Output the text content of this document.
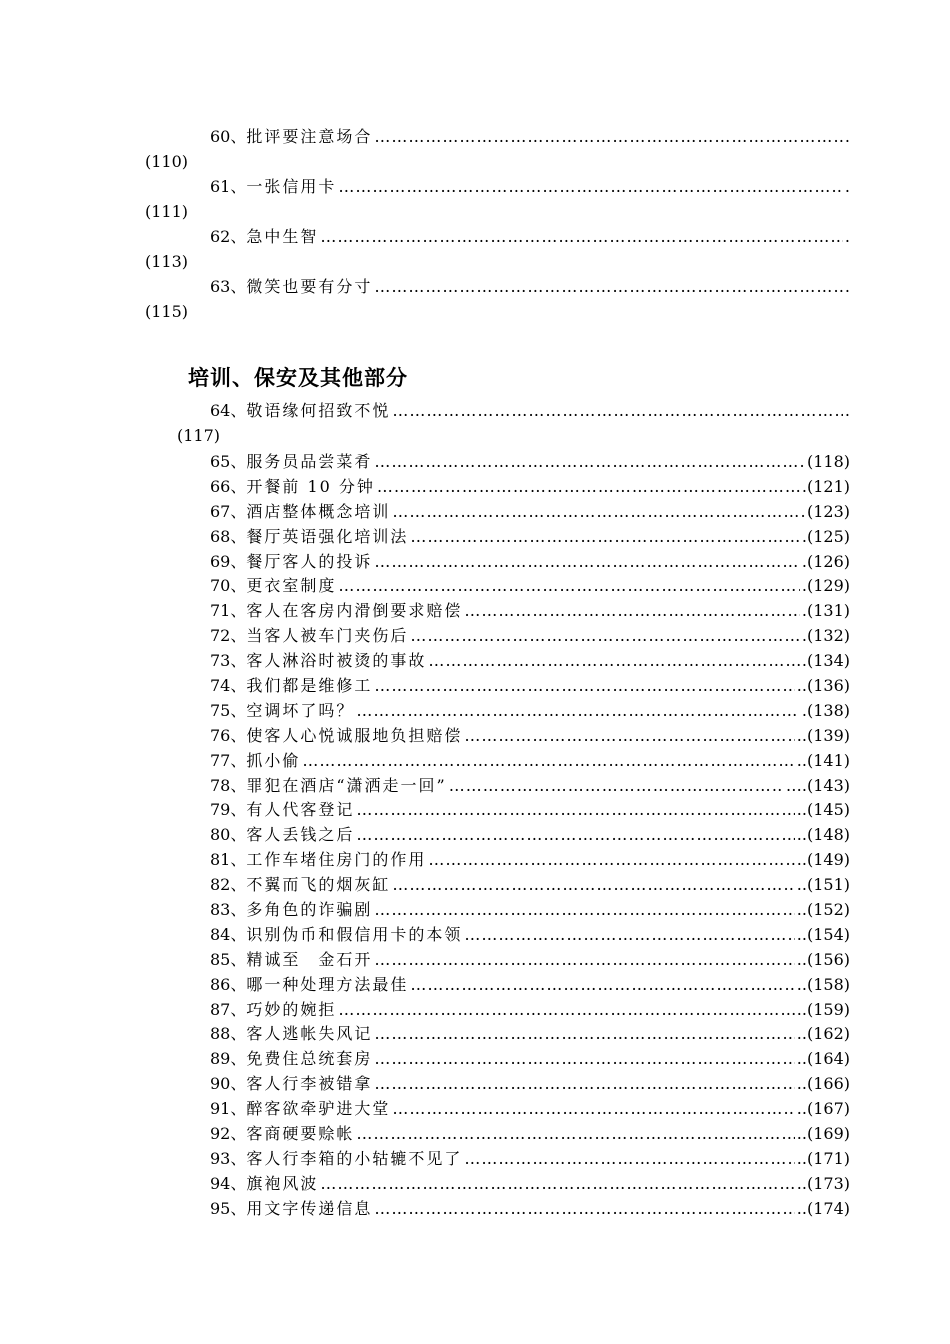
60、 批评要注意场合 …………………………………………………………………………………………………………………………………………	.
(110)
61、 一张信用卡 …………………………………………………………………………………………………………………………………………	.
(111)
62、 急中生智 …………………………………………………………………………………………………………………………………………	.
(113)
63、 微笑也要有分寸 …………………………………………………………………………………………………………………………………………	.
(115)
培训、保安及其他部分
64、 敬语缘何招致不悦 …………………………………………………………………………………………………………………………………………	.
(117)
65、 服务员品尝菜肴 …………………………………………………………………………………………………………………………………………	(118)
66、 开餐前 10 分钟 …………………………………………………………………………………………………………………………………………	.(121)
67、 酒店整体概念培训 …………………………………………………………………………………………………………………………………………	(123)
68、 餐厅英语强化培训法 …………………………………………………………………………………………………………………………………………	.(125)
69、 餐厅客人的投诉 …………………………………………………………………………………………………………………………………………	.(126)
70、 更衣室制度 …………………………………………………………………………………………………………………………………………	.(129)
71、 客人在客房内滑倒要求赔偿 …………………………………………………………………………………………………………………………………………	.(131)
72、 当客人被车门夹伤后 …………………………………………………………………………………………………………………………………………	.(132)
73、 客人淋浴时被烫的事故 …………………………………………………………………………………………………………………………………………	.(134)
74、 我们都是维修工 …………………………………………………………………………………………………………………………………………	..(136)
75、 空调坏了吗？ …………………………………………………………………………………………………………………………………………	.(138)
76、 使客人心悦诚服地负担赔偿 …………………………………………………………………………………………………………………………………………	..(139)
77、 抓小偷 …………………………………………………………………………………………………………………………………………	..(141)
78、 罪犯在酒店“潇洒走一回” …………………………………………………………………………………………………………………………………………	….(143)
79、 有人代客登记 …………………………………………………………………………………………………………………………………………	..(145)
80、 客人丢钱之后 …………………………………………………………………………………………………………………………………………	..(148)
81、 工作车堵住房门的作用 …………………………………………………………………………………………………………………………………………	..(149)
82、 不翼而飞的烟灰缸 …………………………………………………………………………………………………………………………………………	..(151)
83、 多角色的诈骗剧 …………………………………………………………………………………………………………………………………………	..(152)
84、 识别伪币和假信用卡的本领 …………………………………………………………………………………………………………………………………………	..(154)
85、 精诚至　金石开 …………………………………………………………………………………………………………………………………………	..(156)
86、 哪一种处理方法最佳 …………………………………………………………………………………………………………………………………………	..(158)
87、 巧妙的婉拒 …………………………………………………………………………………………………………………………………………	..(159)
88、 客人逃帐失风记 …………………………………………………………………………………………………………………………………………	..(162)
89、 免费住总统套房 …………………………………………………………………………………………………………………………………………	..(164)
90、 客人行李被错拿 …………………………………………………………………………………………………………………………………………	..(166)
91、 醉客欲牵驴进大堂 …………………………………………………………………………………………………………………………………………	..(167)
92、 客商硬要赊帐 …………………………………………………………………………………………………………………………………………	..(169)
93、 客人行李箱的小轱辘不见了 …………………………………………………………………………………………………………………………………………	..(171)
94、 旗袍风波 …………………………………………………………………………………………………………………………………………	..(173)
95、 用文字传递信息 …………………………………………………………………………………………………………………………………………	..(174)
